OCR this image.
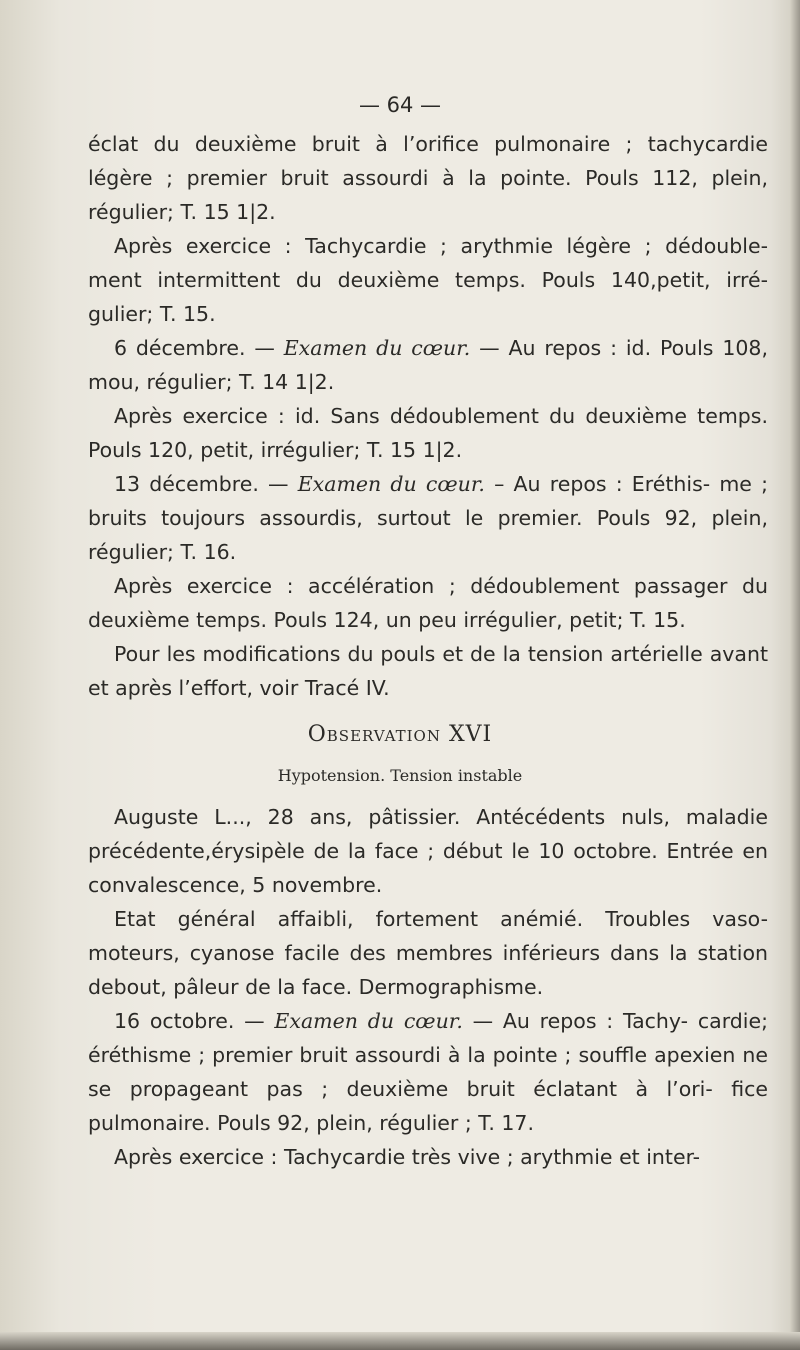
— 64 —

éclat du deuxième bruit à l’orifice pulmonaire ; tachycardie légère ; premier bruit assourdi à la pointe. Pouls 112, plein, régulier; T. 15 1|2.

Après exercice : Tachycardie ; arythmie légère ; dédouble- ment intermittent du deuxième temps. Pouls 140,petit, irré- gulier; T. 15.

6 décembre. — Examen du cœur. — Au repos : id. Pouls 108, mou, régulier; T. 14 1|2.

Après exercice : id. Sans dédoublement du deuxième temps. Pouls 120, petit, irrégulier; T. 15 1|2.

13 décembre. — Examen du cœur. – Au repos : Eréthis- me ; bruits toujours assourdis, surtout le premier. Pouls 92, plein, régulier; T. 16.

Après exercice : accélération ; dédoublement passager du deuxième temps. Pouls 124, un peu irrégulier, petit; T. 15.

Pour les modifications du pouls et de la tension artérielle avant et après l’effort, voir Tracé IV.

Observation XVI

Hypotension. Tension instable

Auguste L..., 28 ans, pâtissier. Antécédents nuls, maladie précédente,érysipèle de la face ; début le 10 octobre. Entrée en convalescence, 5 novembre.

Etat général affaibli, fortement anémié. Troubles vaso- moteurs, cyanose facile des membres inférieurs dans la station debout, pâleur de la face. Dermographisme.

16 octobre. — Examen du cœur. — Au repos : Tachy- cardie; éréthisme ; premier bruit assourdi à la pointe ; souffle apexien ne se propageant pas ; deuxième bruit éclatant à l’ori- fice pulmonaire. Pouls 92, plein, régulier ; T. 17.

Après exercice : Tachycardie très vive ; arythmie et inter-
